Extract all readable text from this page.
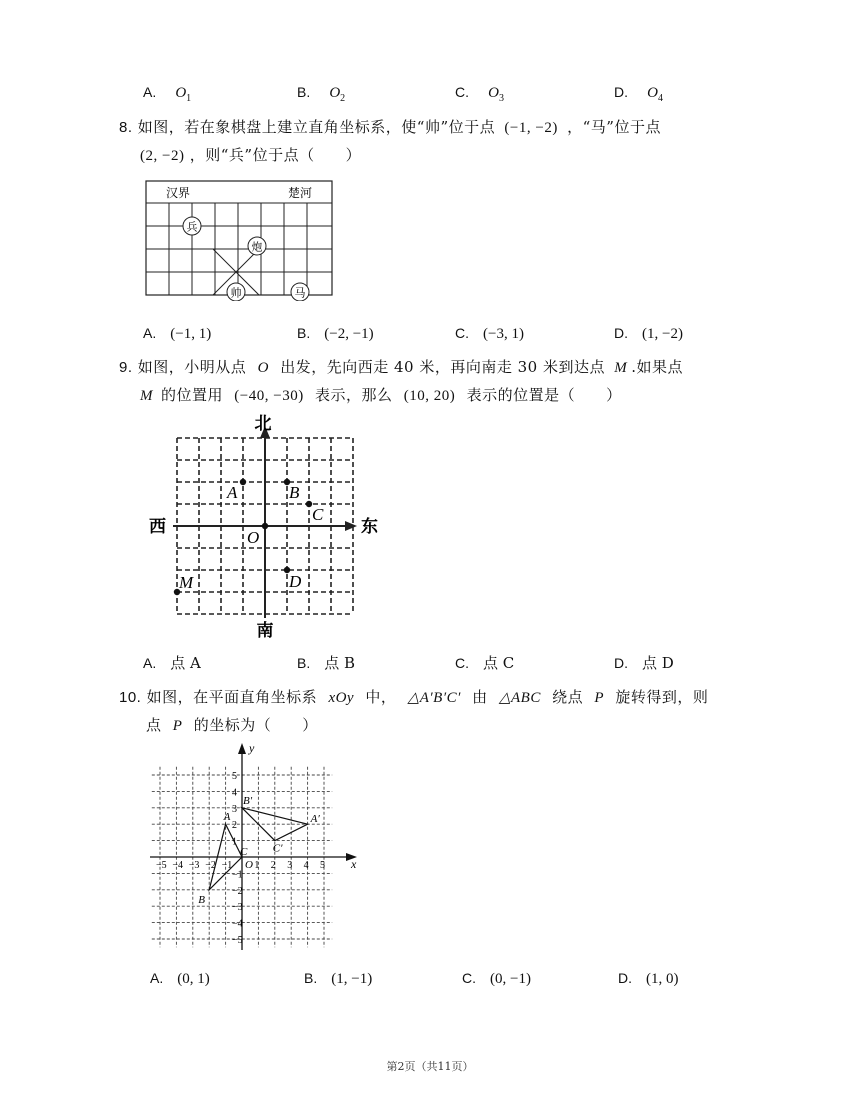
A. $O_1$	B. $O_2$	C. $O_3$	D. $O_4$
8. 如图，若在象棋盘上建立直角坐标系，使“帅”位于点 (−1, −2) ，“马”位于点
(2, −2) ，则“兵”位于点（　　）
汉界	楚河
兵
炮
帅	马
A. (−1, 1)	B. (−2, −1)	C. (−3, 1)	D. (1, −2)
9. 如图，小明从点 O 出发，先向西走 40 米，再向南走 30 米到达点 M .如果点
M 的位置用 (−40, −30) 表示，那么 (10, 20) 表示的位置是（　　）
北
南
西	东
A	B
C
D
M
O
A. 点 A	B. 点 B	C. 点 C	D. 点 D
10. 如图，在平面直角坐标系 xOy 中， △A′B′C′ 由 △ABC 绕点 P 旋转得到，则
点 P 的坐标为（　　）
x
y
O
−5 −4 −3 −2 −1 1 2 3 4 5
5
4
3
2
1
−1
−2
−3
−4
−5
A
B
C
A′
B′
C′
A. (0, 1)	B. (1, −1)	C. (0, −1)	D. (1, 0)
第2页（共11页）
